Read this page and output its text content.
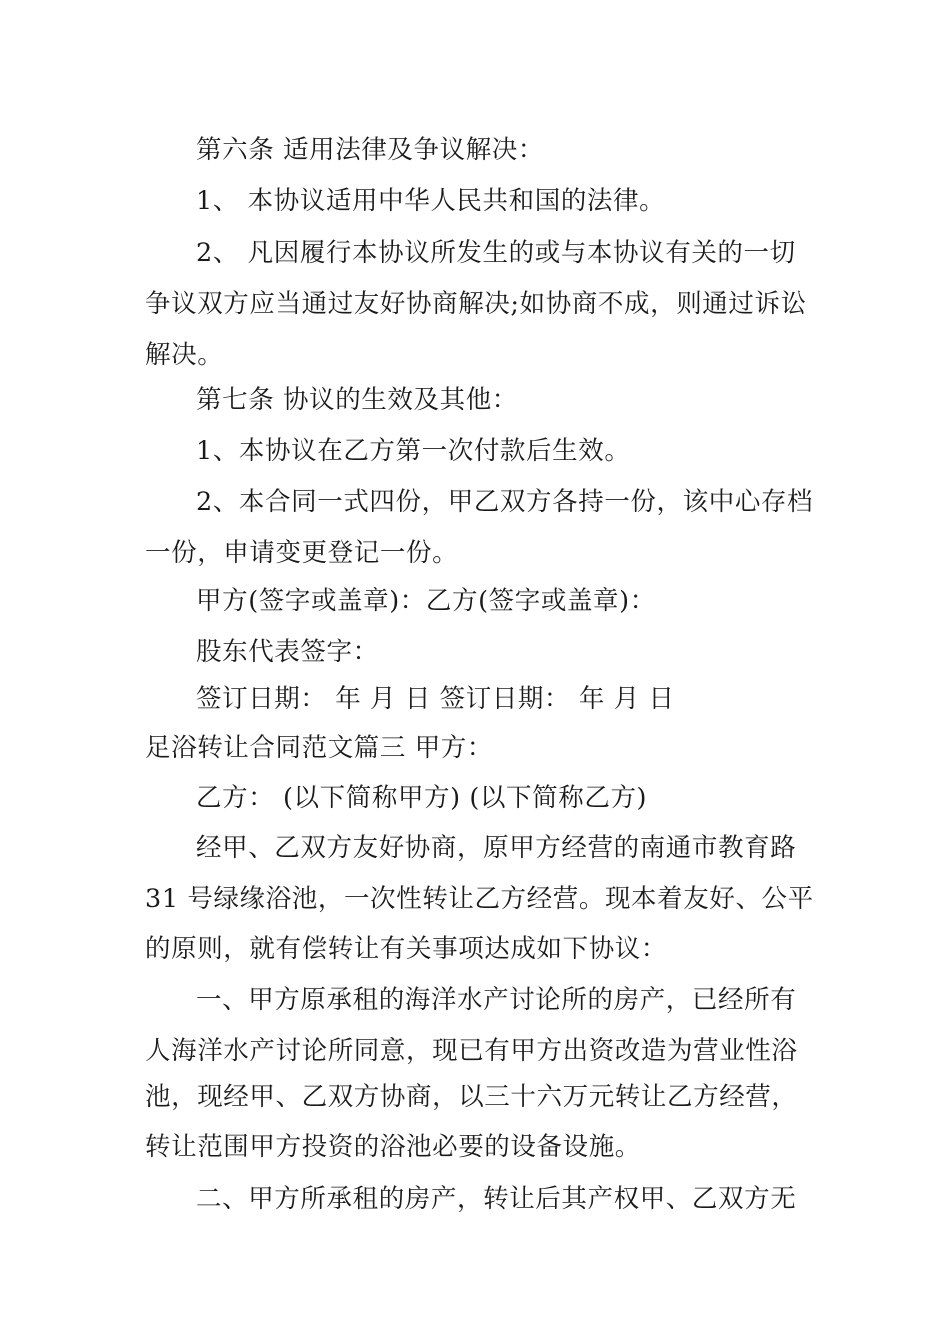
第六条 适用法律及争议解决：
1、 本协议适用中华人民共和国的法律。
2、 凡因履行本协议所发生的或与本协议有关的一切
争议双方应当通过友好协商解决;如协商不成，则通过诉讼
解决。
第七条 协议的生效及其他：
1、本协议在乙方第一次付款后生效。
2、本合同一式四份，甲乙双方各持一份，该中心存档
一份，申请变更登记一份。
甲方(签字或盖章)：乙方(签字或盖章)：
股东代表签字：
签订日期： 年 月 日 签订日期： 年 月 日
足浴转让合同范文篇三 甲方：
乙方： (以下简称甲方) (以下简称乙方)
经甲、乙双方友好协商，原甲方经营的南通市教育路
31 号绿缘浴池，一次性转让乙方经营。现本着友好、公平
的原则，就有偿转让有关事项达成如下协议：
一、甲方原承租的海洋水产讨论所的房产，已经所有
人海洋水产讨论所同意，现已有甲方出资改造为营业性浴
池，现经甲、乙双方协商，以三十六万元转让乙方经营，
转让范围甲方投资的浴池必要的设备设施。
二、甲方所承租的房产，转让后其产权甲、乙双方无
